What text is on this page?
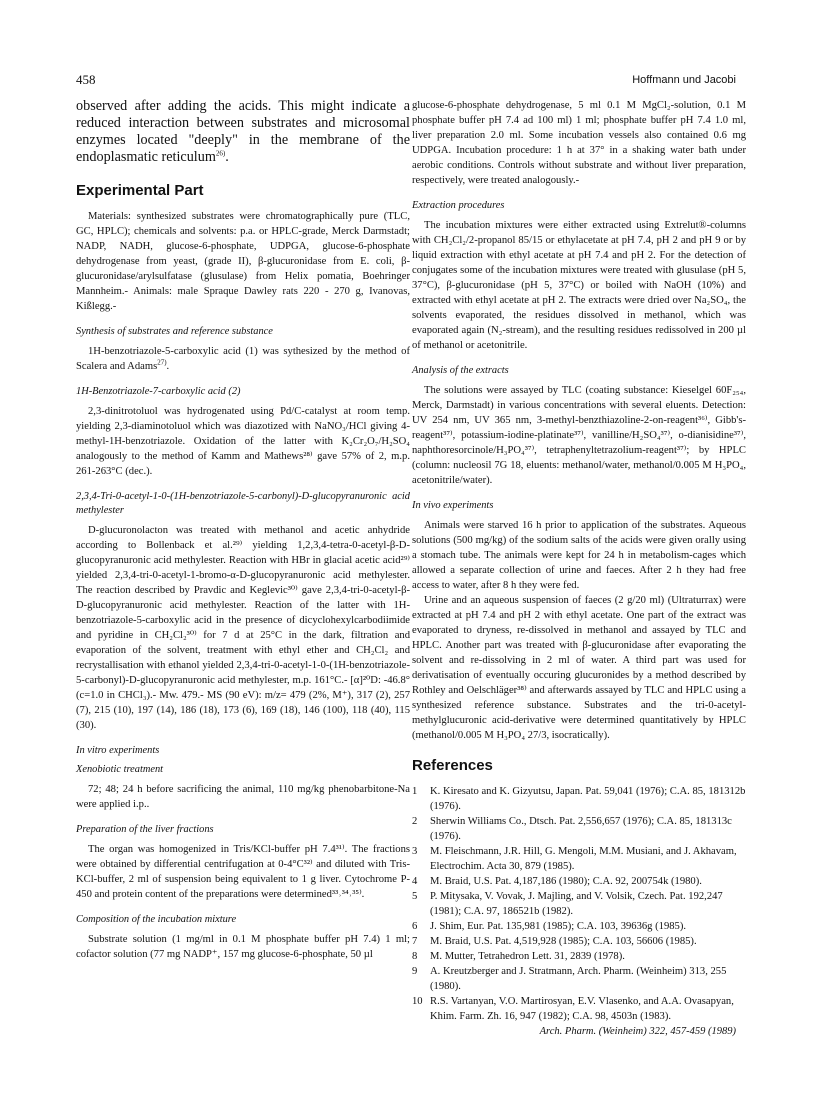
458	Hoffmann und Jacobi

observed after adding the acids. This might indicate a reduced interaction between substrates and microsomal enzymes located "deeply" in the membrane of the endoplasmatic reticulum$^{26)}$.

Experimental Part

Materials: synthesized substrates were chromatographically pure (TLC, GC, HPLC); chemicals and solvents: p.a. or HPLC-grade, Merck Darmstadt; NADP, NADH, glucose-6-phosphate, UDPGA, glucose-6-phosphate dehydrogenase from yeast, (grade II), β-glucuronidase from E. coli, β-glucuronidase/arylsulfatase (glusulase) from Helix pomatia, Boehringer Mannheim.- Animals: male Spraque Dawley rats 220 - 270 g, Ivanovas, Kißlegg.-

Synthesis of substrates and reference substance

1H-benzotriazole-5-carboxylic acid (1) was sythesized by the method of Scalera and Adams$^{27)}$.

1H-Benzotriazole-7-carboxylic acid (2)

2,3-dinitrotoluol was hydrogenated using Pd/C-catalyst at room temp. yielding 2,3-diaminotoluol which was diazotized with NaNO₃/HCl giving 4-methyl-1H-benzotriazole. Oxidation of the latter with K₂Cr₂O₇/H₂SO₄ analogously to the method of Kamm and Mathews²⁸⁾ gave 57% of 2, m.p. 261-263°C (dec.).

2,3,4-Tri-0-acetyl-1-0-(1H-benzotriazole-5-carbonyl)-D-glucopyranuronic acid methylester

D-glucuronolacton was treated with methanol and acetic anhydride according to Bollenback et al.²⁹⁾ yielding 1,2,3,4-tetra-0-acetyl-β-D-glucopyranuronic acid methylester. Reaction with HBr in glacial acetic acid²⁹⁾ yielded 2,3,4-tri-0-acetyl-1-bromo-α-D-glucopyranuronic acid methylester. The reaction described by Pravdic and Keglevic³⁰⁾ gave 2,3,4-tri-0-acetyl-β-D-glucopyranuronic acid methylester. Reaction of the latter with 1H-benzotriazole-5-carboxylic acid in the presence of dicyclohexylcarbodiimide and pyridine in CH₂Cl₂³⁰⁾ for 7 d at 25°C in the dark, filtration and evaporation of the solvent, treatment with ethyl ether and CH₂Cl₂ and recrystallisation with ethanol yielded 2,3,4-tri-0-acetyl-1-0-(1H-benzotriazole-5-carbonyl)-D-glucopyranuronic acid methylester, m.p. 161°C.- [α]²⁰D: -46.8° (c=1.0 in CHCl₃).- Mw. 479.- MS (90 eV): m/z= 479 (2%, M⁺), 317 (2), 257 (7), 215 (10), 197 (14), 186 (18), 173 (6), 169 (18), 146 (100), 118 (40), 115 (30).

In vitro experiments
Xenobiotic treatment

72; 48; 24 h before sacrificing the animal, 110 mg/kg phenobarbitone-Na were applied i.p..

Preparation of the liver fractions

The organ was homogenized in Tris/KCl-buffer pH 7.4³¹⁾. The fractions were obtained by differential centrifugation at 0-4°C³²⁾ and diluted with Tris-KCl-buffer, 2 ml of suspension being equivalent to 1 g liver. Cytochrome P-450 and protein content of the preparations were determined³³˒³⁴˒³⁵⁾.

Composition of the incubation mixture

Substrate solution (1 mg/ml in 0.1 M phosphate buffer pH 7.4) 1 ml; cofactor solution (77 mg NADP⁺, 157 mg glucose-6-phosphate, 50 µl

glucose-6-phosphate dehydrogenase, 5 ml 0.1 M MgCl₂-solution, 0.1 M phosphate buffer pH 7.4 ad 100 ml) 1 ml; phosphate buffer pH 7.4 1.0 ml, liver preparation 2.0 ml. Some incubation vessels also contained 0.6 mg UDPGA. Incubation procedure: 1 h at 37° in a shaking water bath under aerobic conditions. Controls without substrate and without liver preparation, respectively, were treated analogously.-

Extraction procedures

The incubation mixtures were either extracted using Extrelut®-columns with CH₂Cl₂/2-propanol 85/15 or ethylacetate at pH 7.4, pH 2 and pH 9 or by liquid extraction with ethyl acetate at pH 7.4 and pH 2. For the detection of conjugates some of the incubation mixtures were treated with glusulase (pH 5, 37°C), β-glucuronidase (pH 5, 37°C) or boiled with NaOH (10%) and extracted with ethyl acetate at pH 2. The extracts were dried over Na₂SO₄, the solvents evaporated, the residues dissolved in methanol, which was evaporated again (N₂-stream), and the resulting residues redissolved in 200 µl of methanol or acetonitrile.

Analysis of the extracts

The solutions were assayed by TLC (coating substance: Kieselgel 60F₂₅₄, Merck, Darmstadt) in various concentrations with several eluents. Detection: UV 254 nm, UV 365 nm, 3-methyl-benzthiazoline-2-on-reagent³⁶⁾, Gibb's-reagent³⁷⁾, potassium-iodine-platinate³⁷⁾, vanilline/H₂SO₄³⁷⁾, o-dianisidine³⁷⁾, naphthoresorcinole/H₃PO₄³⁷⁾, tetraphenyltetrazolium-reagent³⁷⁾; by HPLC (column: nucleosil 7G 18, eluents: methanol/water, methanol/0.005 M H₃PO₄, acetonitrile/water).

In vivo experiments

Animals were starved 16 h prior to application of the substrates. Aqueous solutions (500 mg/kg) of the sodium salts of the acids were given orally using a stomach tube. The animals were kept for 24 h in metabolism-cages which allowed a separate collection of urine and faeces. After 2 h they had free access to water, after 8 h they were fed.

Urine and an aqueous suspension of faeces (2 g/20 ml) (Ultraturrax) were extracted at pH 7.4 and pH 2 with ethyl acetate. One part of the extract was evaporated to dryness, re-dissolved in methanol and assayed by TLC and HPLC. Another part was treated with β-glucuronidase after evaporating the solvent and re-dissolving in 2 ml of water. A third part was used for derivatisation of eventually occuring glucuronides by a method described by Rothley and Oelschläger³⁸⁾ and afterwards assayed by TLC and HPLC using a synthesized reference substance. Substrates and the tri-0-acetyl-methylglucuronic acid-derivative were determined quantitatively by HPLC (methanol/0.005 M H₃PO₄ 27/3, isocratically).

References
1	K. Kiresato and K. Gizyutsu, Japan. Pat. 59,041 (1976); C.A. 85, 181312b (1976).
2	Sherwin Williams Co., Dtsch. Pat. 2,556,657 (1976); C.A. 85, 181313c (1976).
3	M. Fleischmann, J.R. Hill, G. Mengoli, M.M. Musiani, and J. Akhavam, Electrochim. Acta 30, 879 (1985).
4	M. Braid, U.S. Pat. 4,187,186 (1980); C.A. 92, 200754k (1980).
5	P. Mitysaka, V. Vovak, J. Majling, and V. Volsik, Czech. Pat. 192,247 (1981); C.A. 97, 186521b (1982).
6	J. Shim, Eur. Pat. 135,981 (1985); C.A. 103, 39636g (1985).
7	M. Braid, U.S. Pat. 4,519,928 (1985); C.A. 103, 56606 (1985).
8	M. Mutter, Tetrahedron Lett. 31, 2839 (1978).
9	A. Kreutzberger and J. Stratmann, Arch. Pharm. (Weinheim) 313, 255 (1980).
10 R.S. Vartanyan, V.O. Martirosyan, E.V. Vlasenko, and A.A. Ovasapyan, Khim. Farm. Zh. 16, 947 (1982); C.A. 98, 4503n (1983).
Arch. Pharm. (Weinheim) 322, 457-459 (1989)
